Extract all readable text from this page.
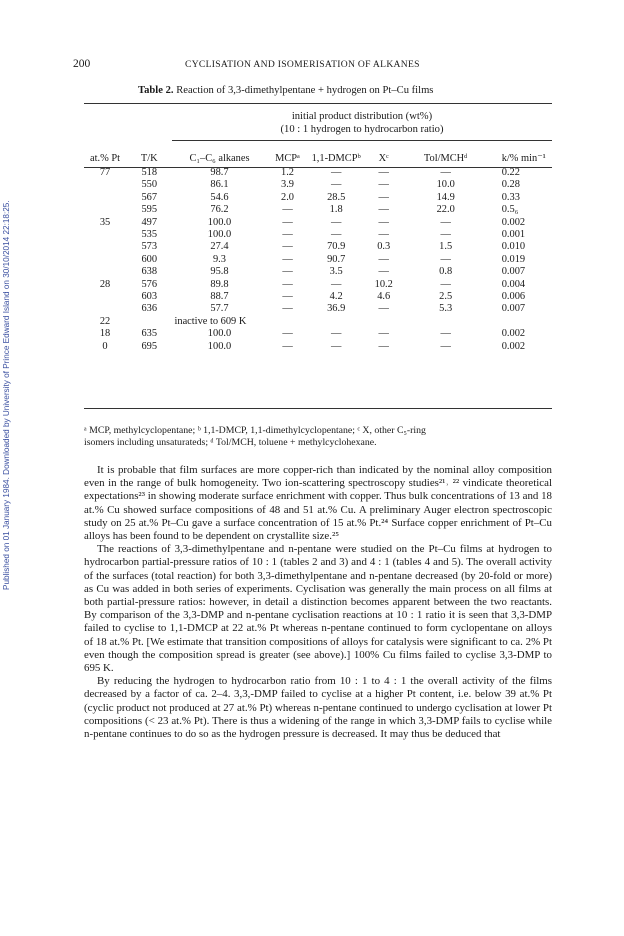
Published on 01 January 1984. Downloaded by University of Prince Edward Island on 30/10/2014 22:18:25.
200	CYCLISATION AND ISOMERISATION OF ALKANES
Table 2. Reaction of 3,3-dimethylpentane + hydrogen on Pt–Cu films
initial product distribution (wt%)
(10 : 1 hydrogen to hydrocarbon ratio)
at.% Pt	T/K	C₁–C₆ alkanes	MCPᵃ	1,1-DMCPᵇ	Xᶜ	Tol/MCHᵈ	k/% min⁻¹
77	518	98.7	1.2	—	—	—	0.22
	550	86.1	3.9	—	—	10.0	0.28
	567	54.6	2.0	28.5	—	14.9	0.33
	595	76.2	—	1.8	—	22.0	0.5₆
35	497	100.0	—	—	—	—	0.002
	535	100.0	—	—	—	—	0.001
	573	27.4	—	70.9	0.3	1.5	0.010
	600	9.3	—	90.7	—	—	0.019
	638	95.8	—	3.5	—	0.8	0.007
28	576	89.8	—	—	10.2	—	0.004
	603	88.7	—	4.2	4.6	2.5	0.006
	636	57.7	—	36.9	—	5.3	0.007
22		inactive to 609 K					
18	635	100.0	—	—	—	—	0.002
0	695	100.0	—	—	—	—	0.002
ᵃ MCP, methylcyclopentane; ᵇ 1,1-DMCP, 1,1-dimethylcyclopentane; ᶜ X, other C₅-ring
isomers including unsaturateds; ᵈ Tol/MCH, toluene + methylcyclohexane.

It is probable that film surfaces are more copper-rich than indicated by the nominal alloy composition even in the range of bulk homogeneity. Two ion-scattering spectroscopy studies²¹˒ ²² vindicate theoretical expectations²³ in showing moderate surface enrichment with copper. Thus bulk concentrations of 13 and 18 at.% Cu showed surface compositions of 48 and 51 at.% Cu. A preliminary Auger electron spectroscopic study on 25 at.% Pt–Cu gave a surface concentration of 15 at.% Pt.²⁴ Surface copper enrichment of Pt–Cu alloys has been found to be dependent on crystallite size.²⁵

The reactions of 3,3-dimethylpentane and n-pentane were studied on the Pt–Cu films at hydrogen to hydrocarbon partial-pressure ratios of 10 : 1 (tables 2 and 3) and 4 : 1 (tables 4 and 5). The overall activity of the surfaces (total reaction) for both 3,3-dimethylpentane and n-pentane decreased (by 20-fold or more) as Cu was added in both series of experiments. Cyclisation was generally the main process on all films at both partial-pressure ratios: however, in detail a distinction becomes apparent between the two reactants. By comparison of the 3,3-DMP and n-pentane cyclisation reactions at 10 : 1 ratio it is seen that 3,3-DMP failed to cyclise to 1,1-DMCP at 22 at.% Pt whereas n-pentane continued to form cyclopentane on alloys of 18 at.% Pt. [We estimate that transition compositions of alloys for catalysis were significant to ca. 2% Pt even though the composition spread is greater (see above).] 100% Cu films failed to cyclise 3,3-DMP to 695 K.

By reducing the hydrogen to hydrocarbon ratio from 10 : 1 to 4 : 1 the overall activity of the films decreased by a factor of ca. 2–4. 3,3,-DMP failed to cyclise at a higher Pt content, i.e. below 39 at.% Pt (cyclic product not produced at 27 at.% Pt) whereas n-pentane continued to undergo cyclisation at lower Pt compositions (< 23 at.% Pt). There is thus a widening of the range in which 3,3-DMP fails to cyclise while n-pentane continues to do so as the hydrogen pressure is decreased. It may thus be deduced that
